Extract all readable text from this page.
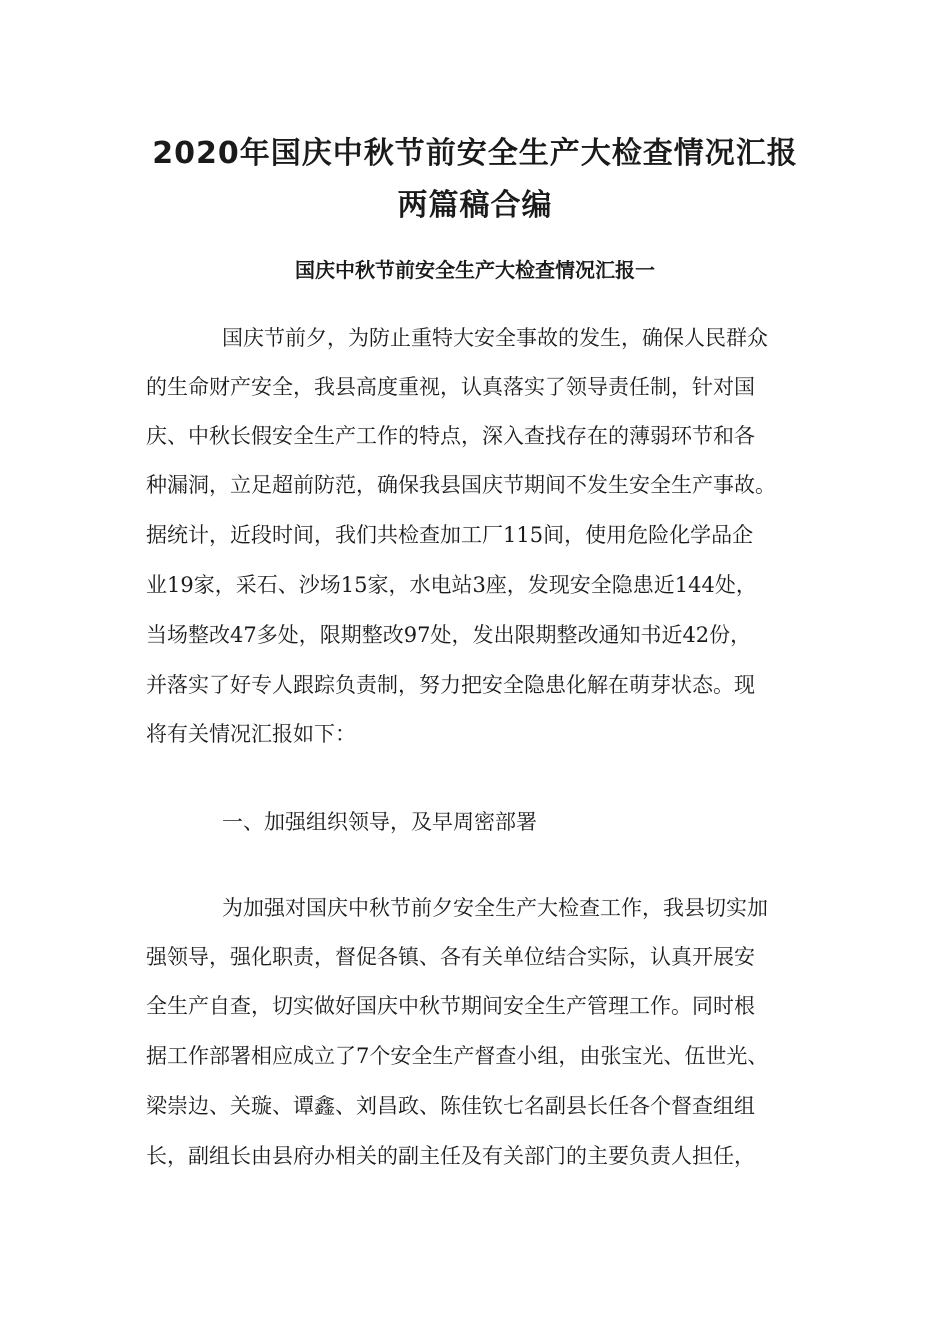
2020年国庆中秋节前安全生产大检查情况汇报
两篇稿合编
国庆中秋节前安全生产大检查情况汇报一

国庆节前夕，为防止重特大安全事故的发生，确保人民群众

的生命财产安全，我县高度重视，认真落实了领导责任制，针对国

庆、中秋长假安全生产工作的特点，深入查找存在的薄弱环节和各

种漏洞，立足超前防范，确保我县国庆节期间不发生安全生产事故。

据统计，近段时间，我们共检查加工厂115间，使用危险化学品企

业19家，采石、沙场15家，水电站3座，发现安全隐患近144处，

当场整改47多处，限期整改97处，发出限期整改通知书近42份，

并落实了好专人跟踪负责制，努力把安全隐患化解在萌芽状态。现

将有关情况汇报如下：

一、加强组织领导，及早周密部署

为加强对国庆中秋节前夕安全生产大检查工作，我县切实加

强领导，强化职责，督促各镇、各有关单位结合实际，认真开展安

全生产自查，切实做好国庆中秋节期间安全生产管理工作。同时根

据工作部署相应成立了7个安全生产督查小组，由张宝光、伍世光、

梁崇边、关璇、谭鑫、刘昌政、陈佳钦七名副县长任各个督查组组

长，副组长由县府办相关的副主任及有关部门的主要负责人担任，
